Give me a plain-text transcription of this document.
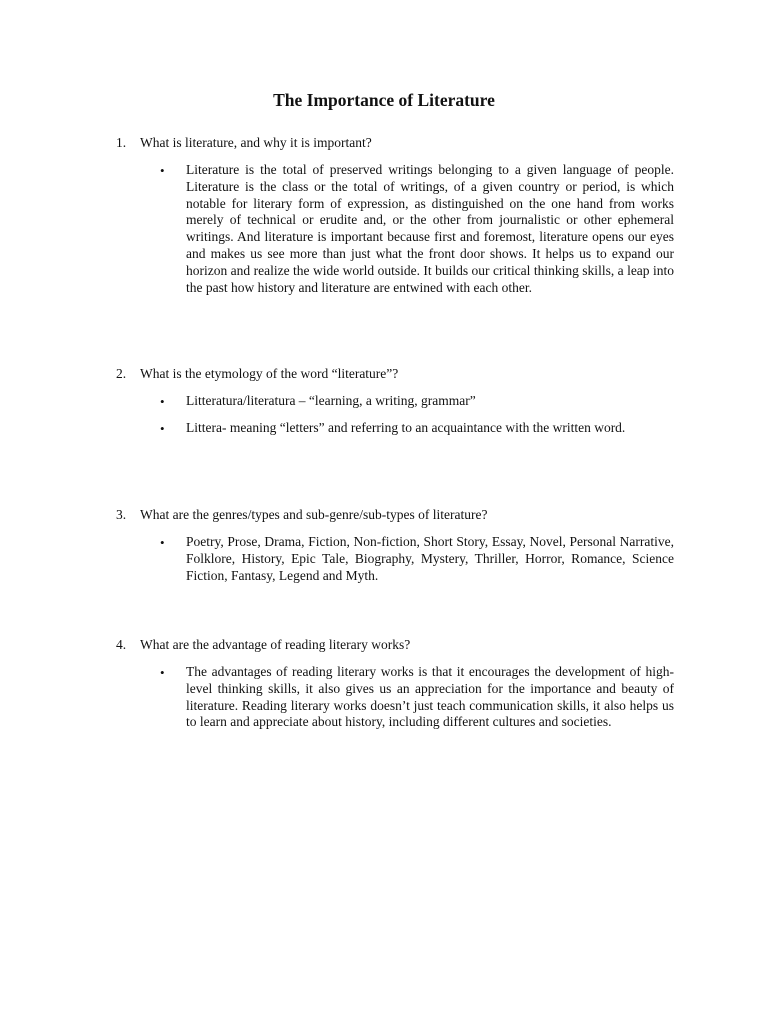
The Importance of Literature
1. What is literature, and why it is important?
• Literature is the total of preserved writings belonging to a given language of people. Literature is the class or the total of writings, of a given country or period, is which notable for literary form of expression, as distinguished on the one hand from works merely of technical or erudite and, or the other from journalistic or other ephemeral writings. And literature is important because first and foremost, literature opens our eyes and makes us see more than just what the front door shows. It helps us to expand our horizon and realize the wide world outside. It builds our critical thinking skills, a leap into the past how history and literature are entwined with each other.
2. What is the etymology of the word “literature”?
• Litteratura/literatura – “learning, a writing, grammar”
• Littera- meaning “letters” and referring to an acquaintance with the written word.
3. What are the genres/types and sub-genre/sub-types of literature?
• Poetry, Prose, Drama, Fiction, Non-fiction, Short Story, Essay, Novel, Personal Narrative, Folklore, History, Epic Tale, Biography, Mystery, Thriller, Horror, Romance, Science Fiction, Fantasy, Legend and Myth.
4. What are the advantage of reading literary works?
• The advantages of reading literary works is that it encourages the development of high-level thinking skills, it also gives us an appreciation for the importance and beauty of literature. Reading literary works doesn’t just teach communication skills, it also helps us to learn and appreciate about history, including different cultures and societies.
